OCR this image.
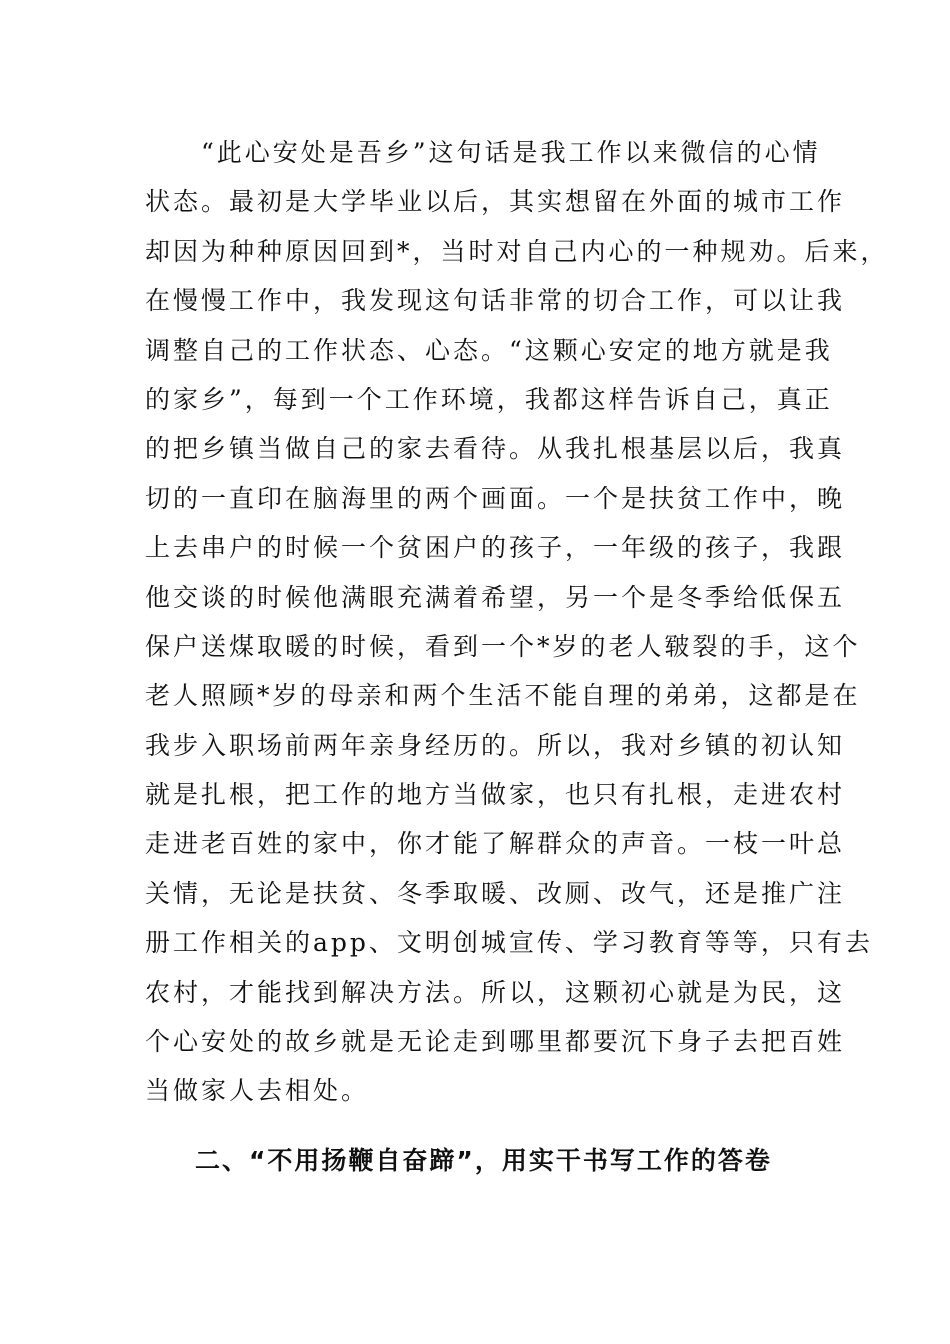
“此心安处是吾乡”这句话是我工作以来微信的心情
状态。最初是大学毕业以后，其实想留在外面的城市工作
却因为种种原因回到*，当时对自己内心的一种规劝。后来，
在慢慢工作中，我发现这句话非常的切合工作，可以让我
调整自己的工作状态、心态。“这颗心安定的地方就是我
的家乡”，每到一个工作环境，我都这样告诉自己，真正
的把乡镇当做自己的家去看待。从我扎根基层以后，我真
切的一直印在脑海里的两个画面。一个是扶贫工作中，晚
上去串户的时候一个贫困户的孩子，一年级的孩子，我跟
他交谈的时候他满眼充满着希望，另一个是冬季给低保五
保户送煤取暖的时候，看到一个*岁的老人皲裂的手，这个
老人照顾*岁的母亲和两个生活不能自理的弟弟，这都是在
我步入职场前两年亲身经历的。所以，我对乡镇的初认知
就是扎根，把工作的地方当做家，也只有扎根，走进农村
走进老百姓的家中，你才能了解群众的声音。一枝一叶总
关情，无论是扶贫、冬季取暖、改厕、改气，还是推广注
册工作相关的app、文明创城宣传、学习教育等等，只有去
农村，才能找到解决方法。所以，这颗初心就是为民，这
个心安处的故乡就是无论走到哪里都要沉下身子去把百姓
当做家人去相处。
二、“不用扬鞭自奋蹄”，用实干书写工作的答卷
